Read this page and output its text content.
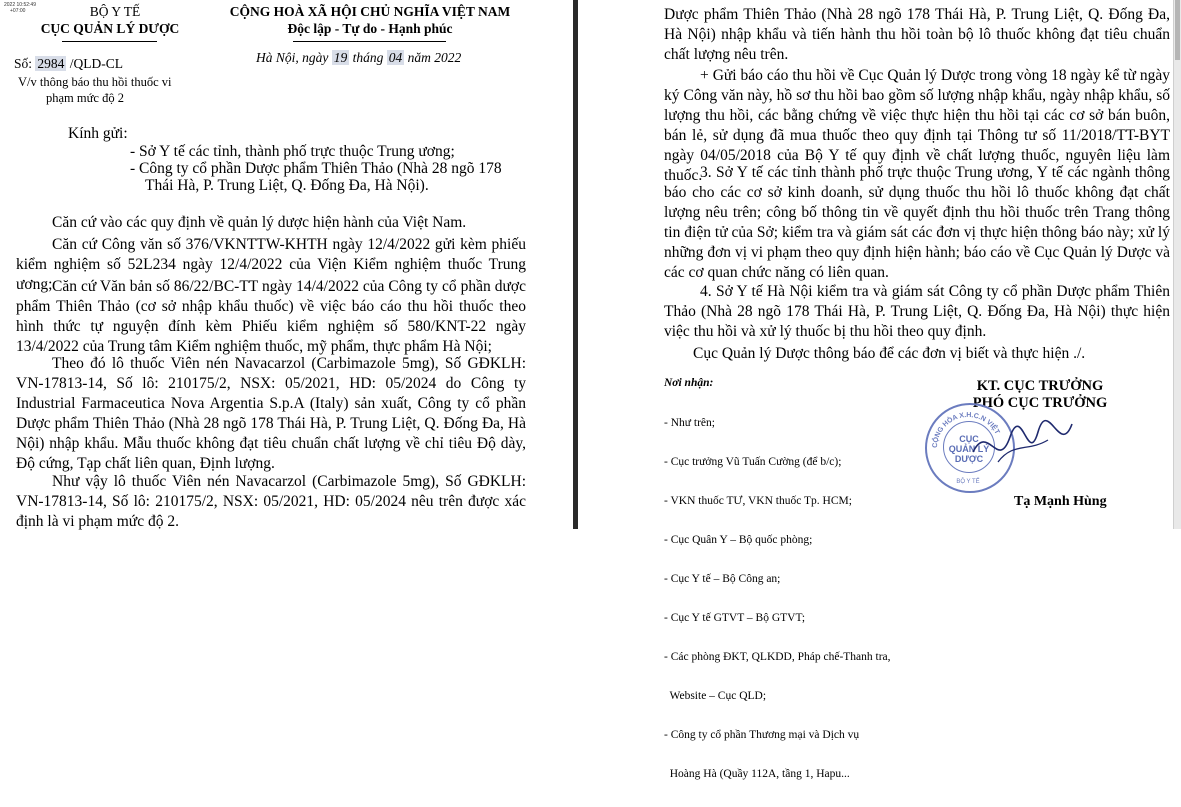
2022 10:52:49
+07:00	BỘ Y TẾ
CỤC QUẢN LÝ DƯỢC
Số: 2984 /QLD-CL
V/v thông báo thu hồi thuốc vi
phạm mức độ 2
CỘNG HOÀ XÃ HỘI CHỦ NGHĨA VIỆT NAM
Độc lập - Tự do - Hạnh phúc
Hà Nội, ngày 19 tháng 04 năm 2022
Kính gửi:
- Sở Y tế các tỉnh, thành phố trực thuộc Trung ương;
- Công ty cổ phần Dược phẩm Thiên Thảo (Nhà 28 ngõ 178
Thái Hà, P. Trung Liệt, Q. Đống Đa, Hà Nội).
Căn cứ vào các quy định về quản lý dược hiện hành của Việt Nam.
Căn cứ Công văn số 376/VKNTTW-KHTH ngày 12/4/2022 gửi kèm phiếu kiểm nghiệm số 52L234 ngày 12/4/2022 của Viện Kiểm nghiệm thuốc Trung ương; Căn cứ Văn bản số 86/22/BC-TT ngày 14/4/2022 của Công ty cổ phần dược phẩm Thiên Thảo (cơ sở nhập khẩu thuốc) về việc báo cáo thu hồi thuốc theo hình thức tự nguyện đính kèm Phiếu kiểm nghiệm số 580/KNT-22 ngày 13/4/2022 của Trung tâm Kiểm nghiệm thuốc, mỹ phẩm, thực phẩm Hà Nội;
Theo đó lô thuốc Viên nén Navacarzol (Carbimazole 5mg), Số GĐKLH: VN-17813-14, Số lô: 210175/2, NSX: 05/2021, HD: 05/2024 do Công ty Industrial Farmaceutica Nova Argentia S.p.A (Italy) sản xuất, Công ty cổ phần Dược phẩm Thiên Thảo (Nhà 28 ngõ 178 Thái Hà, P. Trung Liệt, Q. Đống Đa, Hà Nội) nhập khẩu. Mẫu thuốc không đạt tiêu chuẩn chất lượng về chỉ tiêu Độ dày, Độ cứng, Tạp chất liên quan, Định lượng.
Như vậy lô thuốc Viên nén Navacarzol (Carbimazole 5mg), Số GĐKLH: VN-17813-14, Số lô: 210175/2, NSX: 05/2021, HD: 05/2024 nêu trên được xác định là vi phạm mức độ 2.
Dược phẩm Thiên Thảo (Nhà 28 ngõ 178 Thái Hà, P. Trung Liệt, Q. Đống Đa, Hà Nội) nhập khẩu và tiến hành thu hồi toàn bộ lô thuốc không đạt tiêu chuẩn chất lượng nêu trên.
+ Gửi báo cáo thu hồi về Cục Quản lý Dược trong vòng 18 ngày kể từ ngày ký Công văn này, hồ sơ thu hồi bao gồm số lượng nhập khẩu, ngày nhập khẩu, số lượng thu hồi, các bằng chứng về việc thực hiện thu hồi tại các cơ sở bán buôn, bán lẻ, sử dụng đã mua thuốc theo quy định tại Thông tư số 11/2018/TT-BYT ngày 04/05/2018 của Bộ Y tế quy định về chất lượng thuốc, nguyên liệu làm thuốc.
3. Sở Y tế các tỉnh thành phố trực thuộc Trung ương, Y tế các ngành thông báo cho các cơ sở kinh doanh, sử dụng thuốc thu hồi lô thuốc không đạt chất lượng nêu trên; công bố thông tin về quyết định thu hồi thuốc trên Trang thông tin điện tử của Sở; kiểm tra và giám sát các đơn vị thực hiện thông báo này; xử lý những đơn vị vi phạm theo quy định hiện hành; báo cáo về Cục Quản lý Dược và các cơ quan chức năng có liên quan.
4. Sở Y tế Hà Nội kiểm tra và giám sát Công ty cổ phần Dược phẩm Thiên Thảo (Nhà 28 ngõ 178 Thái Hà, P. Trung Liệt, Q. Đống Đa, Hà Nội) thực hiện việc thu hồi và xử lý thuốc bị thu hồi theo quy định.
Cục Quản lý Dược thông báo để các đơn vị biết và thực hiện ./.
Nơi nhận:

- Như trên;

- Cục trưởng Vũ Tuấn Cường (để b/c);

- VKN thuốc TƯ, VKN thuốc Tp. HCM;

- Cục Quân Y – Bộ quốc phòng;

- Cục Y tế – Bộ Công an;

- Cục Y tế GTVT – Bộ GTVT;

- Các phòng ĐKT, QLKDD, Pháp chế-Thanh tra,

Website – Cục QLD;

- Công ty cổ phần Thương mại và Dịch vụ

Hoàng Hà (Quầy 112A, tầng 1, Hapu...

KT. CỤC TRƯỞNG
PHÓ CỤC TRƯỞNG
Tạ Mạnh Hùng
CỘNG HÒA X.H.C.N VIỆT
BỘ Y TẾ
CỤC
QUẢN LÝ
DƯỢC
